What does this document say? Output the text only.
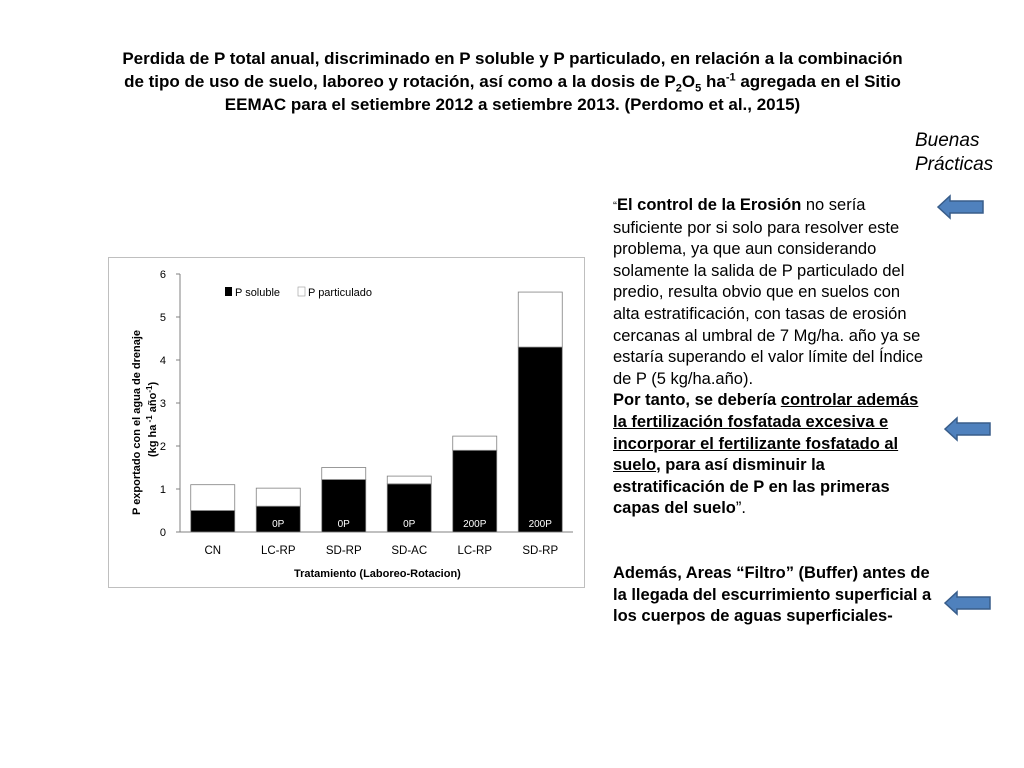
Perdida de P total anual, discriminado en P soluble y P particulado, en relación a la combinación de tipo de uso de suelo, laboreo y rotación, así como a la dosis de $P_2O_5$ $ha^{-1}$ agregada en el Sitio EEMAC para el setiembre 2012 a setiembre 2013. (Perdomo et al., 2015)
Buenas
Prácticas
“El control de la Erosión no sería suficiente por si solo para resolver este problema, ya que aun considerando solamente la salida de P particulado del predio, resulta obvio que en suelos con alta estratificación, con tasas de erosión cercanas al umbral de 7 Mg/ha. año ya se estaría superando el valor límite del Índice de P (5 kg/ha.año).
Por tanto, se debería controlar además la fertilización fosfatada excesiva e incorporar el fertilizante fosfatado al suelo, para así disminuir la estratificación de P en las primeras capas del suelo”.
Además, Areas “Filtro” (Buffer) antes de la llegada del escurrimiento superficial a los cuerpos de aguas superficiales-
0
1
2
3
4
5
6
CN	LC-RP
0P
SD-RP
0P
SD-AC
0P
LC-RP
200P
SD-RP
200P
P soluble	P particulado
Tratamiento (Laboreo-Rotacion)
P exportado con el agua de drenaje (kg ha $^{-1}$ año$^{-1}$)
